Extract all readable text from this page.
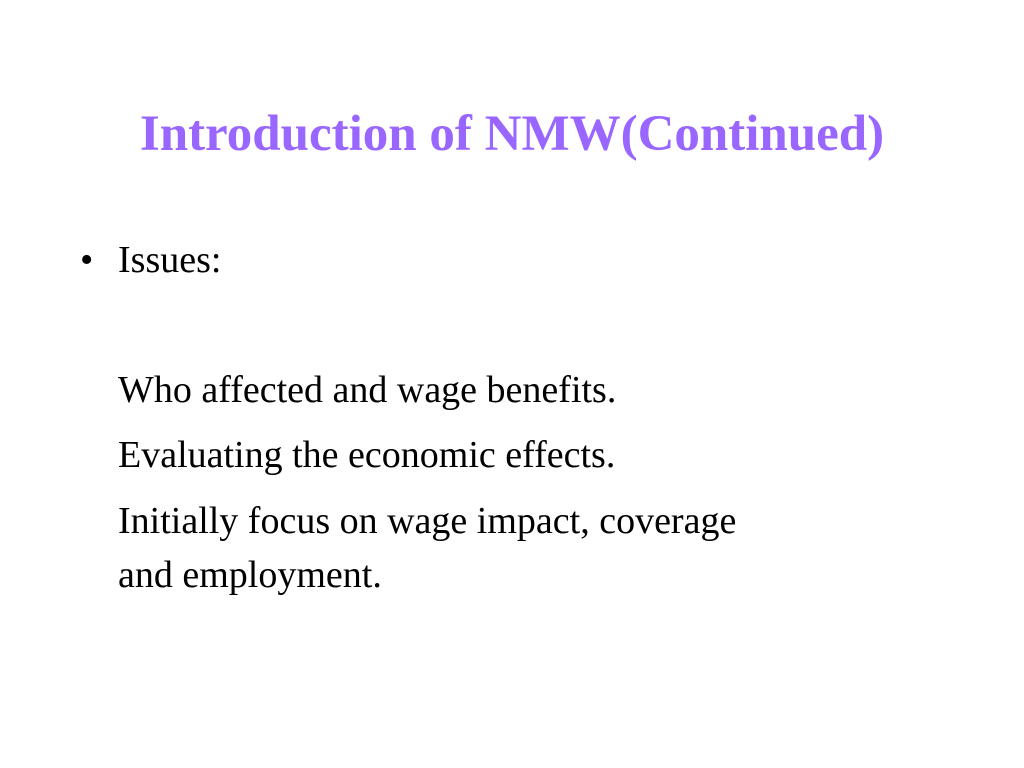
Introduction of NMW(Continued)
• Issues:
Who affected and wage benefits.
Evaluating the economic effects.
Initially focus on wage impact, coverage
and employment.
